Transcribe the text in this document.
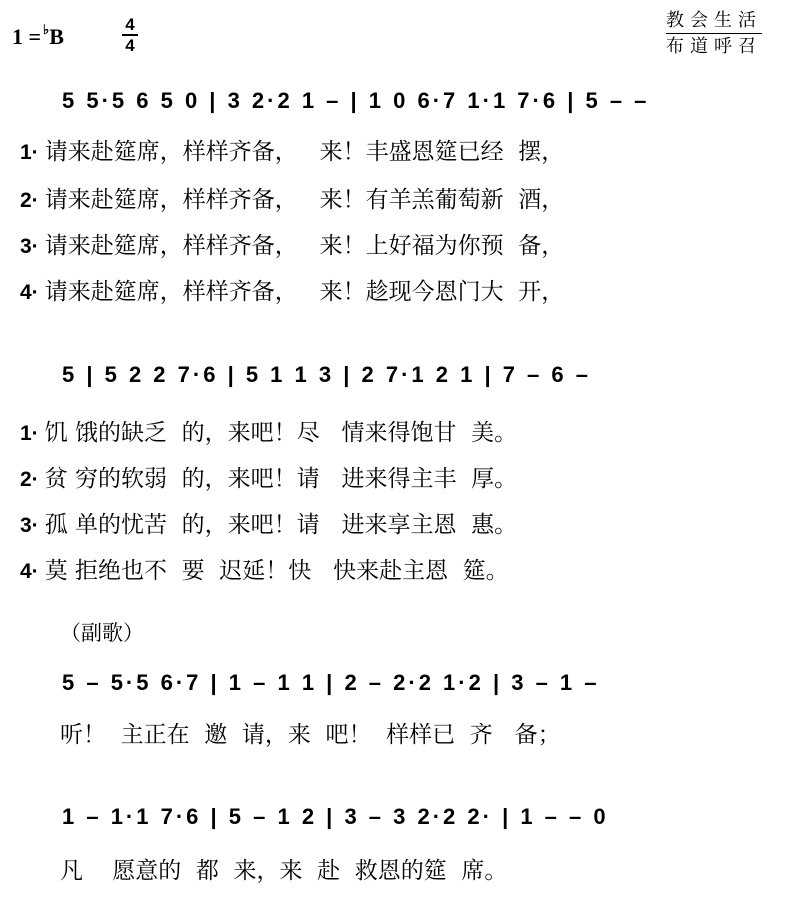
1 = ♭B	4
4
教会生活
布道呼召
5 5·5 6 5 0 | 3 2·2 1 – | 1 0 6·7 1·1 7·6 | 5 – –
1· 请来赴筵席，样样齐备，   来！丰盛恩筵已经  摆，
2· 请来赴筵席，样样齐备，   来！有羊羔葡萄新  酒，
3· 请来赴筵席，样样齐备，   来！上好福为你预  备，
4· 请来赴筵席，样样齐备，   来！趁现今恩门大  开，
5 | 5 2 2 7·6 | 5 1 1 3 | 2 7·1 2 1 | 7 – 6 –
1· 饥 饿的缺乏  的，来吧！尽   情来得饱甘  美。
2· 贫 穷的软弱  的，来吧！请   进来得主丰  厚。
3· 孤 单的忧苦  的，来吧！请   进来享主恩  惠。
4· 莫 拒绝也不  要  迟延！快   快来赴主恩  筵。
（副歌）
5 – 5·5 6·7 | 1 – 1 1 | 2 – 2·2 1·2 | 3 – 1 –
听！  主正在  邀  请，来  吧！  样样已  齐   备；
1 – 1·1 7·6 | 5 – 1 2 | 3 – 3 2·2 2· | 1 – – 0
凡    愿意的  都  来，来  赴  救恩的筵  席。
